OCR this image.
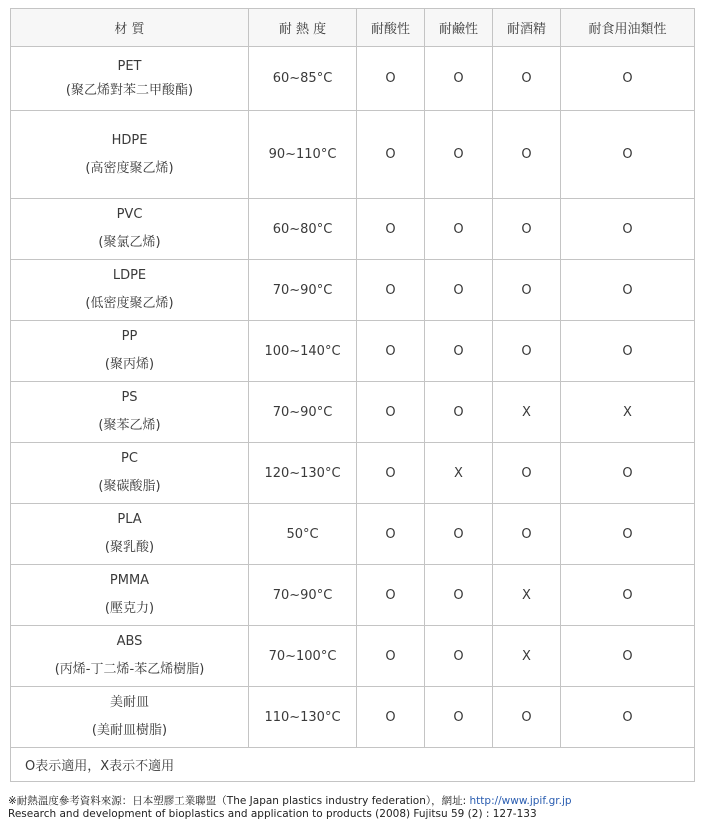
材 質	耐 熱 度	耐酸性	耐鹼性	耐酒精	耐食用油類性

PET
(聚乙烯對苯二甲酸酯)	60~85°C	O	O	O	O

HDPE
(高密度聚乙烯)	90~110°C	O	O	O	O

PVC
(聚氯乙烯)	60~80°C	O	O	O	O

LDPE
(低密度聚乙烯)	70~90°C	O	O	O	O

PP
(聚丙烯)	100~140°C	O	O	O	O

PS
(聚苯乙烯)	70~90°C	O	O	X	X

PC
(聚碳酸脂)	120~130°C	O	X	O	O

PLA
(聚乳酸)	50°C	O	O	O	O

PMMA
(壓克力)	70~90°C	O	O	X	O

ABS
(丙烯-丁二烯-苯乙烯樹脂)	70~100°C	O	O	X	O

美耐皿
(美耐皿樹脂)	110~130°C	O	O	O	O
O表示適用，X表示不適用					
※耐熱溫度參考資料來源：日本塑膠工業聯盟（The Japan plastics industry federation），網址: http://www.jpif.gr.jp
Research and development of bioplastics and application to products (2008) Fujitsu 59 (2) : 127-133
